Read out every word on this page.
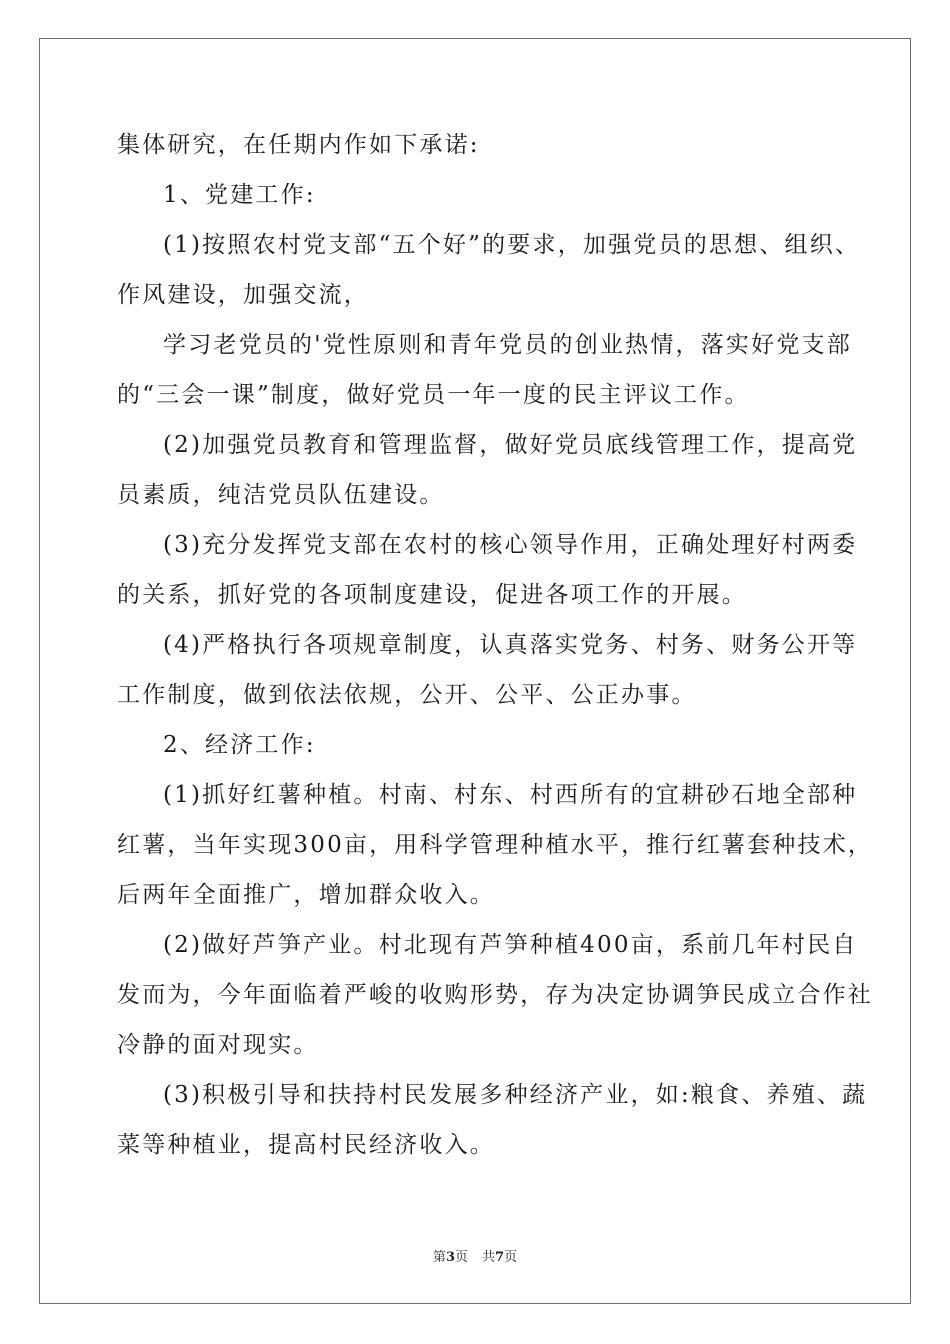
集体研究，在任期内作如下承诺:
1、党建工作:
(1)按照农村党支部“五个好”的要求，加强党员的思想、组织、
作风建设，加强交流，
学习老党员的'党性原则和青年党员的创业热情，落实好党支部
的“三会一课”制度，做好党员一年一度的民主评议工作。
(2)加强党员教育和管理监督，做好党员底线管理工作，提高党
员素质，纯洁党员队伍建设。
(3)充分发挥党支部在农村的核心领导作用，正确处理好村两委
的关系，抓好党的各项制度建设，促进各项工作的开展。
(4)严格执行各项规章制度，认真落实党务、村务、财务公开等
工作制度，做到依法依规，公开、公平、公正办事。
2、经济工作:
(1)抓好红薯种植。村南、村东、村西所有的宜耕砂石地全部种
红薯，当年实现300亩，用科学管理种植水平，推行红薯套种技术，
后两年全面推广，增加群众收入。
(2)做好芦笋产业。村北现有芦笋种植400亩，系前几年村民自
发而为，今年面临着严峻的收购形势，存为决定协调笋民成立合作社
冷静的面对现实。
(3)积极引导和扶持村民发展多种经济产业，如:粮食、养殖、蔬
菜等种植业，提高村民经济收入。
第3页 共7页
